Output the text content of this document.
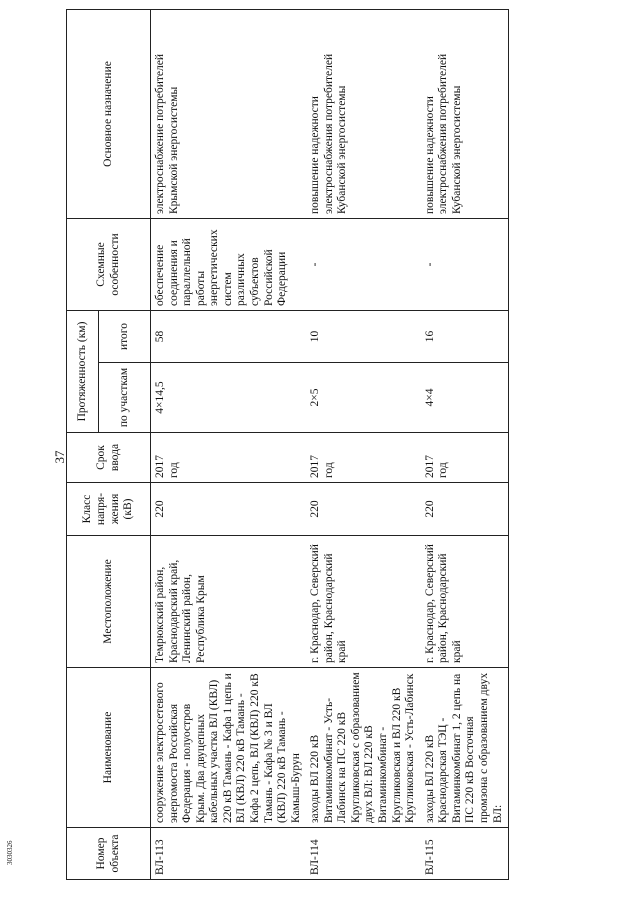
37
3030326	Номер объекта	Наименование	Местоположение	Класс напря-жения (кВ)	Срок ввода	Протяженность (км)		Схемные особенности	Основное назначение
					по участкам	итого		
ВЛ-113	сооружение электросетевого энергомоста Российская Федерация - полуостров Крым. Два двуцепных кабельных участка ВЛ (КВЛ) 220 кВ Тамань - Кафа 1 цепь и ВЛ (КВЛ) 220 кВ Тамань - Кафа 2 цепь, ВЛ (КВЛ) 220 кВ Тамань - Кафа № 3 и ВЛ (КВЛ) 220 кВ Тамань - Камыш-Бурун	Темрюкский район, Краснодарский край, Ленинский район, Республика Крым	220	2017 год	4×14,5	58	обеспечение соединения и параллельной работы энергетических систем различных субъектов Российской Федерации	электроснабжение потребителей Крымской энергосистемы
ВЛ-114	заходы ВЛ 220 кВ Витаминкомбинат - Усть-Лабинск на ПС 220 кВ Кругликовская с образованием двух ВЛ: ВЛ 220 кВ Витаминкомбинат - Кругликовская и ВЛ 220 кВ Кругликовская - Усть-Лабинск	г. Краснодар, Северский район, Краснодарский край	220	2017 год	2×5	10	-	повышение надежности электроснабжения потребителей Кубанской энергосистемы
ВЛ-115	заходы ВЛ 220 кВ Краснодарская ТЭЦ - Витаминкомбинат 1, 2 цепь на ПС 220 кВ Восточная промзона с образованием двух ВЛ:	г. Краснодар, Северский район, Краснодарский край	220	2017 год	4×4	16	-	повышение надежности электроснабжения потребителей Кубанской энергосистемы
